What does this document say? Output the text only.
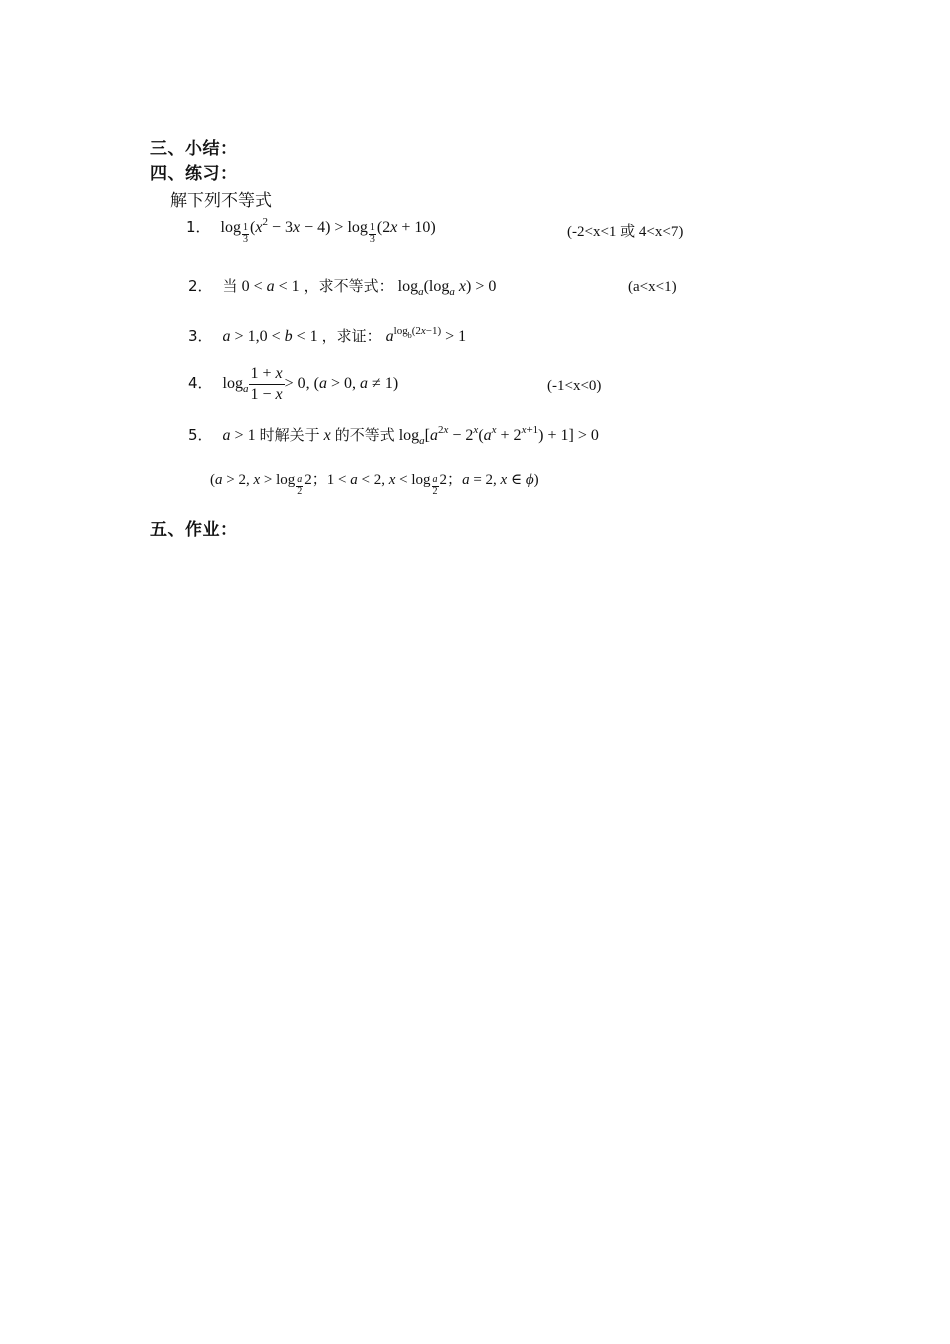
三、小结：
四、练习：
解下列不等式
1． $\log \frac{1}{3} (x^2 - 3x - 4) > \log \frac{1}{3} (2x + 10)$	(-2<x<1 或 4<x<7)
2． 当 0 < a < 1 ，求不等式： $\log_a(\log_a$ x) > 0	(a<x<1)
3． a > 1,0 < b < 1 ，求证： $a^{log_b(2x-1)} > 1$
4． $\log_a \frac{1 + x}{1 - x} > 0$, (a > 0, a ≠ 1)	(-1<x<0)
5． a > 1 时解关于 x 的不等式 $\log_a[a^{2x} - 2^x(a^x + 2^{x+1}) + 1] > 0$
(a > 2, $x > \log \frac{a}{2} 2$；1 < a < 2, $x < \log \frac{a}{2} 2$；a = 2, x ∈ ϕ)
五、作业：
